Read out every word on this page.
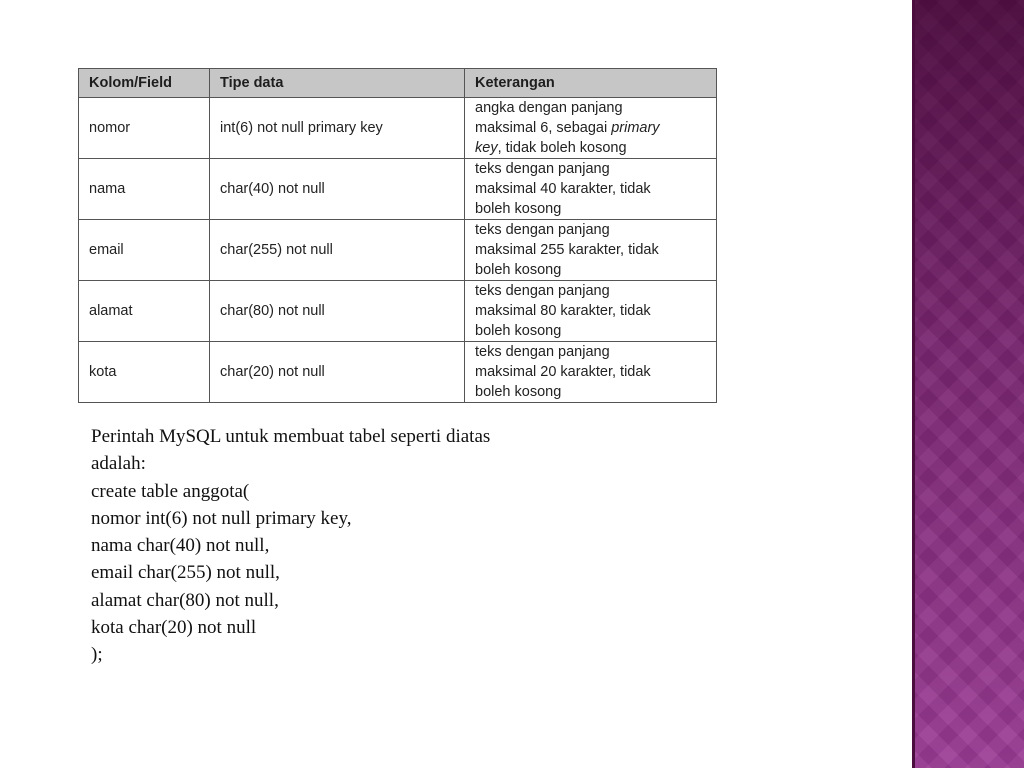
Kolom/Field	Tipe data	Keterangan
nomor	int(6) not null primary key	angka dengan panjang
maksimal 6, sebagai primary
key, tidak boleh kosong

nama	char(40) not null	teks dengan panjang
maksimal 40 karakter, tidak
boleh kosong

email	char(255) not null	teks dengan panjang
maksimal 255 karakter, tidak
boleh kosong

alamat	char(80) not null	teks dengan panjang
maksimal 80 karakter, tidak
boleh kosong

kota	char(20) not null	teks dengan panjang
maksimal 20 karakter, tidak
boleh kosong
Perintah MySQL untuk membuat tabel seperti diatas
adalah:
create table anggota(
nomor int(6) not null primary key,
nama char(40) not null,
email char(255) not null,
alamat char(80) not null,
kota char(20) not null
);
